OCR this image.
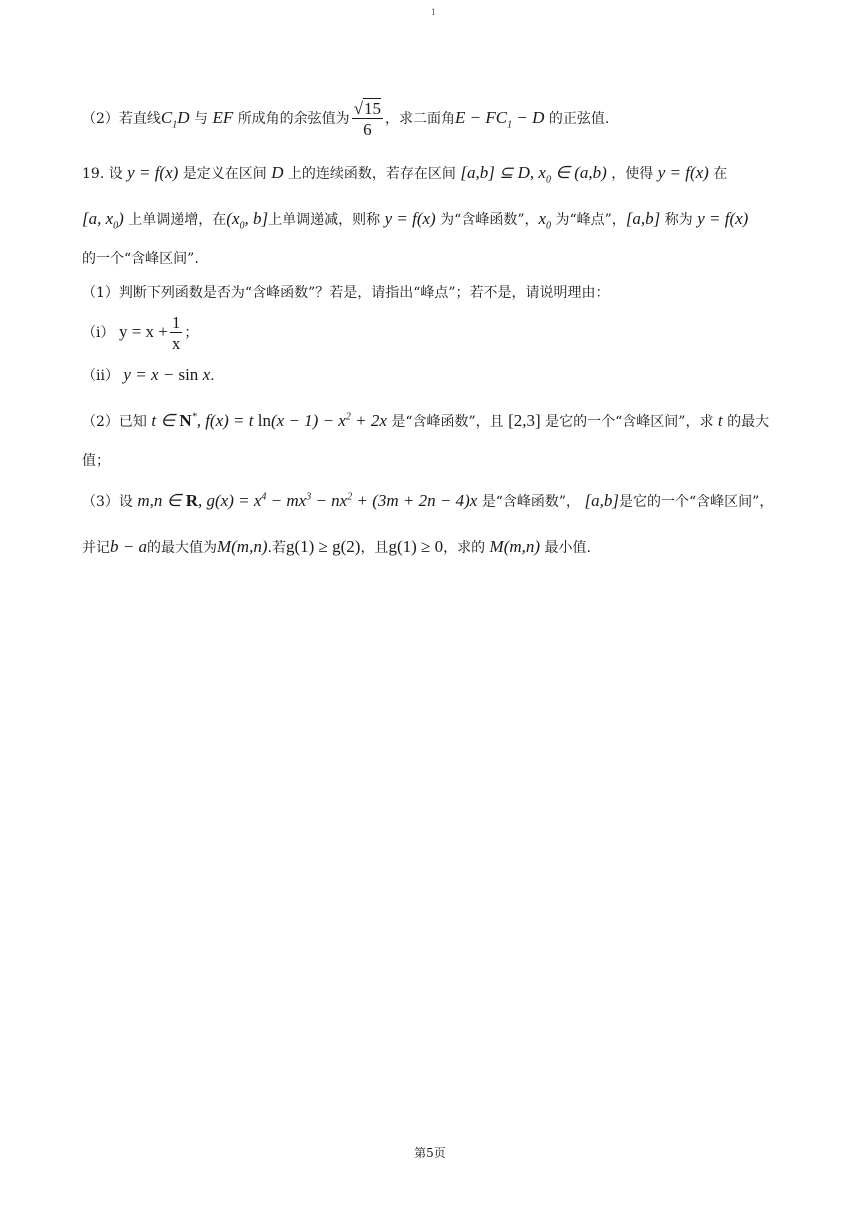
1
（2）若直线$C_1D$ 与 EF 所成角的余弦值为 $\frac{√15}{6}$ ，求二面角$E - FC_1 - D$ 的正弦值.
19. 设 y = f(x) 是定义在区间 D 上的连续函数，若存在区间 [a,b] ⊆ D, $x_0$ ∈ (a,b) ，使得 y = f(x) 在
[a, $x_0$) 上单调递增，在($x_0$, b]上单调递减，则称 y = f(x) 为“含峰函数”，$x_0$ 为“峰点”，[a,b] 称为 y = f(x)
的一个“含峰区间”.
（1）判断下列函数是否为“含峰函数”？若是，请指出“峰点”；若不是，请说明理由：
（i） $y = x + \frac{1}{x}$ ；
（ii） y = x − sin x.
（2）已知 t ∈ N*, f(x) = t $\ln(x - 1) - x^2 + 2x$ 是“含峰函数”，且 [2,3] 是它的一个“含峰区间”，求 t 的最大
值；
（3）设 m,n ∈ R, $g(x) = x^4 - mx^3 - nx^2 + (3m + 2n - 4)x$ 是“含峰函数”， [a,b]是它的一个“含峰区间”，
并记b − a的最大值为M(m,n).若g(1) ≥ g(2)，且g(1) ≥ 0，求的 M(m,n) 最小值.
第5页
